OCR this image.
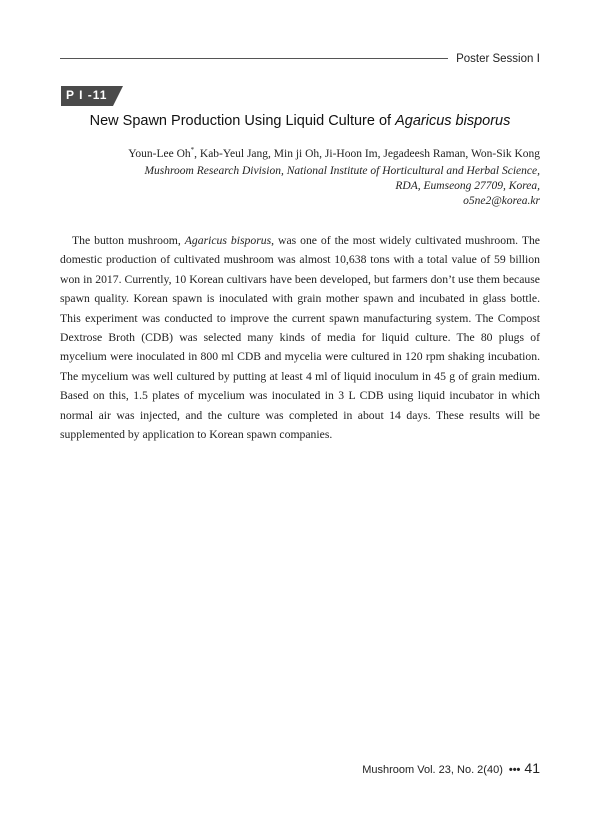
Poster Session Ⅰ
P I -11
New Spawn Production Using Liquid Culture of Agaricus bisporus
Youn-Lee Oh*, Kab-Yeul Jang, Min ji Oh, Ji-Hoon Im, Jegadeesh Raman, Won-Sik Kong
Mushroom Research Division, National Institute of Horticultural and Herbal Science,
RDA, Eumseong 27709, Korea,
o5ne2@korea.kr

The button mushroom, Agaricus bisporus, was one of the most widely cultivated mushroom. The domestic production of cultivated mushroom was almost 10,638 tons with a total value of 59 billion won in 2017. Currently, 10 Korean cultivars have been developed, but farmers don’t use them because spawn quality. Korean spawn is inoculated with grain mother spawn and incubated in glass bottle. This experiment was conducted to improve the current spawn manufacturing system. The Compost Dextrose Broth (CDB) was selected many kinds of media for liquid culture. The 80 plugs of mycelium were inoculated in 800 ml CDB and mycelia were cultured in 120 rpm shaking incubation. The mycelium was well cultured by putting at least 4 ml of liquid inoculum in 45 g of grain medium. Based on this, 1.5 plates of mycelium was inoculated in 3 L CDB using liquid incubator in which normal air was injected, and the culture was completed in about 14 days. These results will be supplemented by application to Korean spawn companies.

Mushroom Vol. 23, No. 2(40) ••• 41
